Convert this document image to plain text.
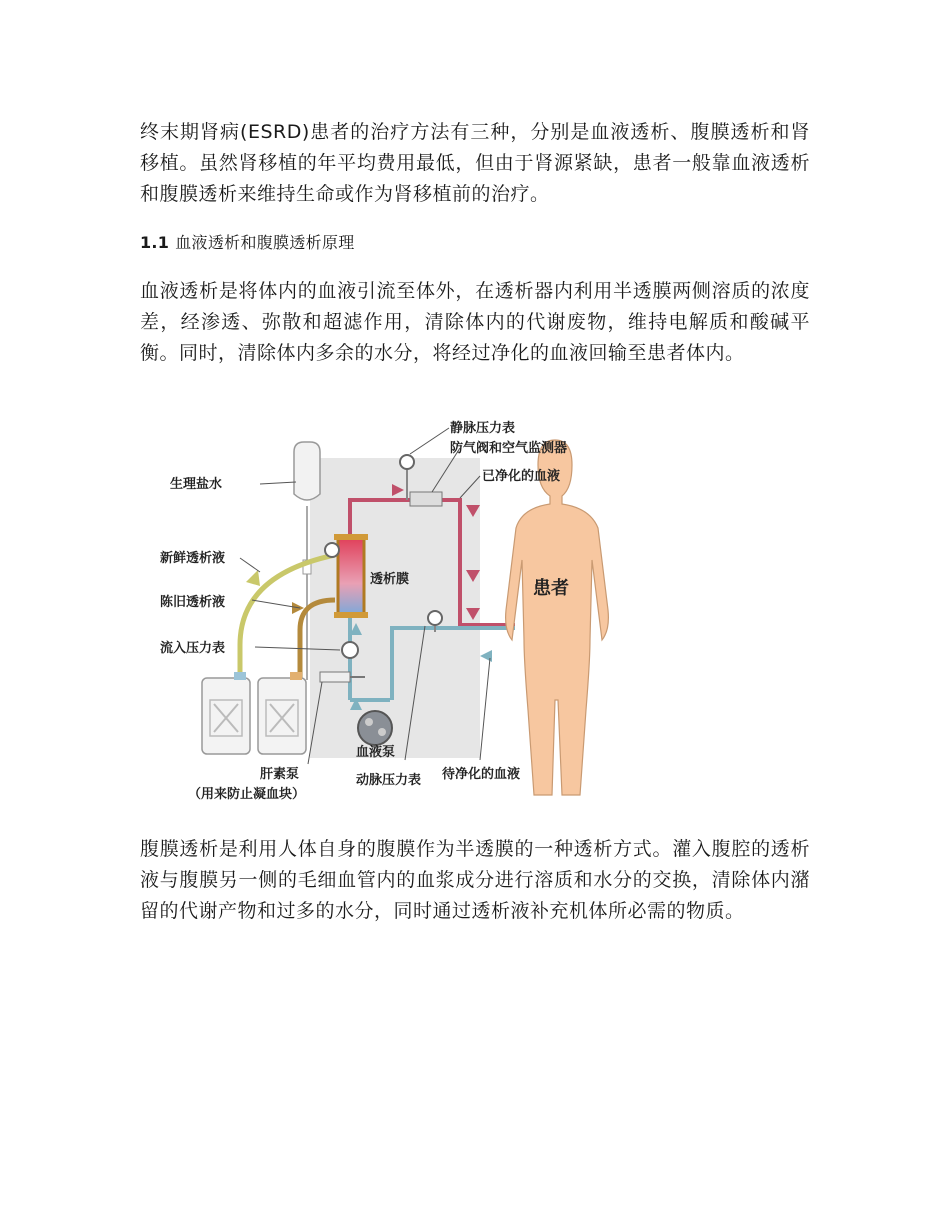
终末期肾病(ESRD)患者的治疗方法有三种，分别是血液透析、腹膜透析和肾移植。虽然肾移植的年平均费用最低，但由于肾源紧缺，患者一般靠血液透析和腹膜透析来维持生命或作为肾移植前的治疗。

1.1 血液透析和腹膜透析原理

血液透析是将体内的血液引流至体外，在透析器内利用半透膜两侧溶质的浓度差，经渗透、弥散和超滤作用，清除体内的代谢废物，维持电解质和酸碱平衡。同时，清除体内多余的水分，将经过净化的血液回输至患者体内。

静脉压力表
防气阀和空气监测器
已净化的血液
生理盐水
新鲜透析液
透析膜
陈旧透析液
流入压力表
患者
血液泵
肝素泵
（用来防止凝血块）
动脉压力表 待净化的血液

腹膜透析是利用人体自身的腹膜作为半透膜的一种透析方式。灌入腹腔的透析液与腹膜另一侧的毛细血管内的血浆成分进行溶质和水分的交换，清除体内潴留的代谢产物和过多的水分，同时通过透析液补充机体所必需的物质。
